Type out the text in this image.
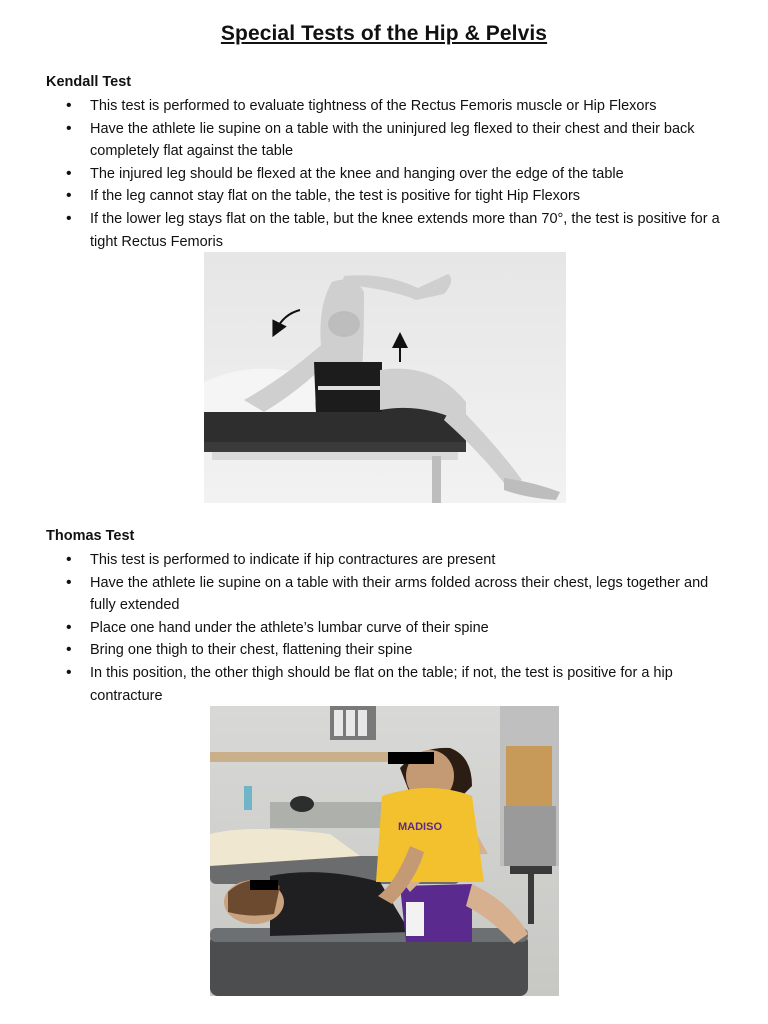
Special Tests of the Hip & Pelvis
Kendall Test
• This test is performed to evaluate tightness of the Rectus Femoris muscle or Hip Flexors
• Have the athlete lie supine on a table with the uninjured leg flexed to their chest and their back completely flat against the table
• The injured leg should be flexed at the knee and hanging over the edge of the table
• If the leg cannot stay flat on the table, the test is positive for tight Hip Flexors
• If the lower leg stays flat on the table, but the knee extends more than 70°, the test is positive for a tight Rectus Femoris
Thomas Test
• This test is performed to indicate if hip contractures are present
• Have the athlete lie supine on a table with their arms folded across their chest, legs together and fully extended
• Place one hand under the athlete’s lumbar curve of their spine
• Bring one thigh to their chest, flattening their spine
• In this position, the other thigh should be flat on the table; if not, the test is positive for a hip contracture
MADISO
